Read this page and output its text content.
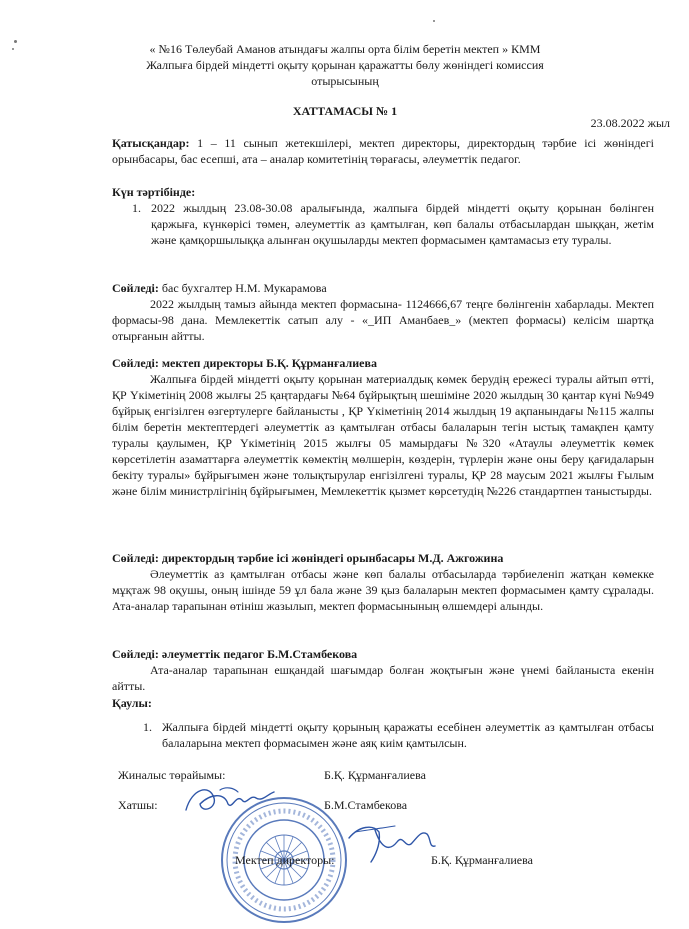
« №16 Төлеубай Аманов атындағы жалпы орта білім беретін мектеп » КММ
Жалпыға бірдей міндетті оқыту қорынан қаражатты бөлу жөніндегі комиссия
отырысының
ХАТТАМАСЫ № 1
23.08.2022 жыл
Қатысқандар: 1 – 11 сынып жетекшілері, мектеп директоры, директордың тәрбие ісі жөніндегі орынбасары, бас есепші, ата – аналар комитетінің төрағасы, әлеуметтік педагог.
Күн тәртібінде:
1. 2022 жылдың 23.08-30.08 аралығында, жалпыға бірдей міндетті оқыту қорынан бөлінген қаржыға, күнкөрісі төмен, әлеуметтік аз қамтылған, көп балалы отбасылардан шыққан, жетім және қамқоршылыққа алынған оқушыларды мектеп формасымен қамтамасыз ету туралы.
Сөйледі: бас бухгалтер Н.М. Мукарамова
2022 жылдың тамыз айында мектеп формасына- 1124666,67 теңге бөлінгенін хабарлады. Мектеп формасы-98 дана. Мемлекеттік сатып алу - «_ИП Аманбаев_» (мектеп формасы) келісім шартқа отырғанын айтты.
Сөйледі: мектеп директоры Б.Қ. Құрманғалиева
Жалпыға бірдей міндетті оқыту қорынан материалдық көмек берудің ережесі туралы айтып өтті, ҚР Үкіметінің 2008 жылғы 25 қаңтардағы №64 бұйрықтың шешіміне 2020 жылдың 30 қантар күні №949 бұйрық енгізілген өзгертулерге байланысты , ҚР Үкіметінің 2014 жылдың 19 ақпанындағы №115 жалпы білім беретін мектептердегі әлеуметтік аз қамтылған отбасы балаларын тегін ыстық тамақпен қамту туралы қаулымен, ҚР Үкіметінің 2015 жылғы 05 мамырдағы №320 «Атаулы әлеуметтік көмек көрсетілетін азаматтарға әлеуметтік көмектің мөлшерін, көздерін, түрлерін және оны беру қағидаларын бекіту туралы» бұйрығымен және толықтырулар енгізілгені туралы, ҚР 28 маусым 2021 жылғы Ғылым және білім министрлігінің бұйрығымен, Мемлекеттік қызмет көрсетудің №226 стандартпен таныстырды.
Сөйледі: директордың тәрбие ісі жөніндегі орынбасары М.Д. Ажгожина
Әлеуметтік аз қамтылған отбасы және көп балалы отбасыларда тәрбиеленіп жатқан көмекке мұқтаж 98 оқушы, оның ішінде 59 ұл бала және 39 қыз балаларын мектеп формасымен қамту сұралады. Ата-аналар тарапынан өтініш жазылып, мектеп формасынының өлшемдері алынды.
Сөйледі: әлеуметтік педагог Б.М.Стамбекова
Ата-аналар тарапынан ешқандай шағымдар болған жоқтығын және үнемі байланыста екенін айтты.
Қаулы:
1. Жалпыға бірдей міндетті оқыту қорының қаражаты есебінен әлеуметтік аз қамтылған отбасы балаларына мектеп формасымен және аяқ киім қамтылсын.
Жиналыс төрайымы:	Б.Қ. Құрманғалиева
Хатшы:	Б.М.Стамбекова
Мектеп директоры:	Б.Қ. Құрманғалиева
